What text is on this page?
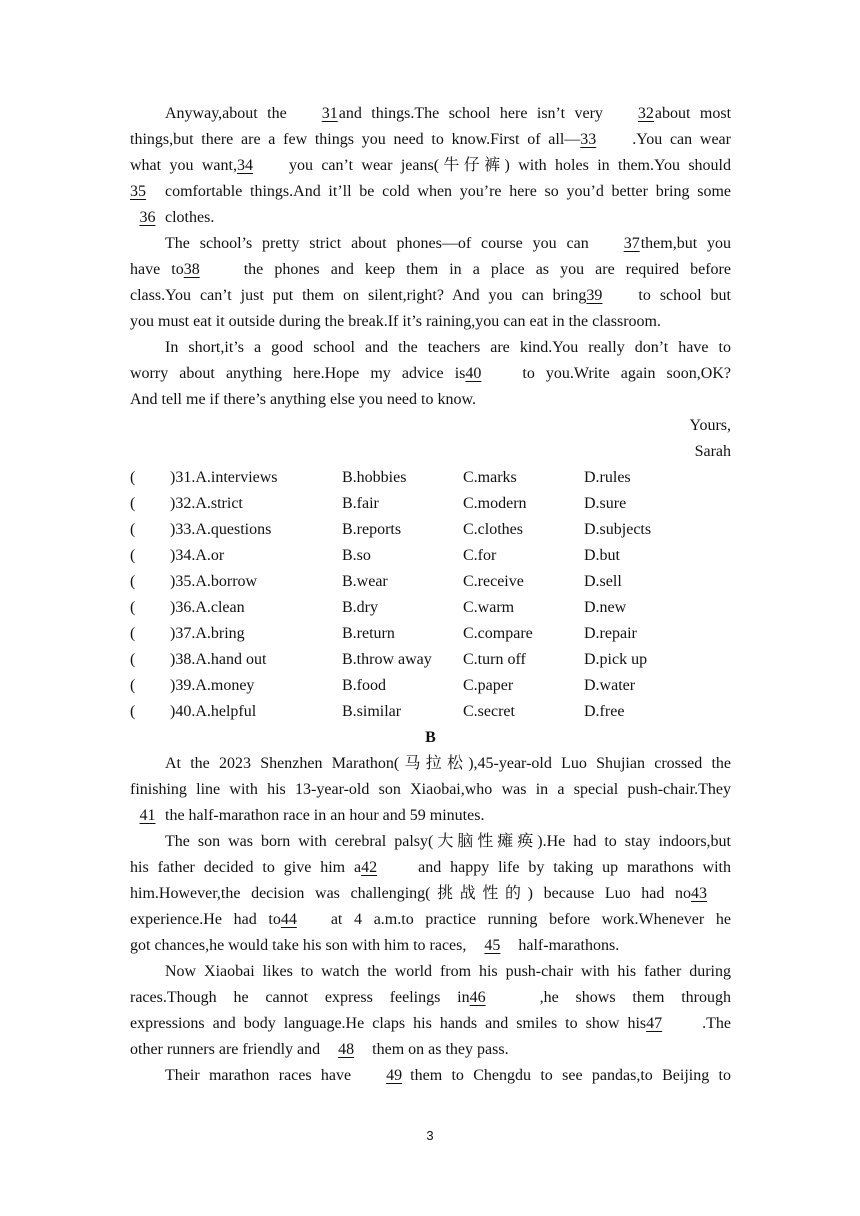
Anyway,about the 31and things.The school here isn’t very 32about most
things,but there are a few things you need to know.First of all—33 .You can wear
what you want,34 you can’t wear jeans(牛仔裤) with holes in them.You should
35 comfortable things.And it’ll be cold when you’re here so you’d better bring some
36 clothes.

The school’s pretty strict about phones—of course you can 37them,but you
have to38	the phones and keep them in a place as you are required before
class.You can’t just put them on silent,right? And you can bring39 to school but
you must eat it outside during the break.If it’s raining,you can eat in the classroom.

In short,it’s a good school and the teachers are kind.You really don’t have to
worry about anything here.Hope my advice is40	to you.Write again soon,OK?
And tell me if there’s anything else you need to know.

Yours,

Sarah

(	)31.A.interviews	B.hobbies	C.marks	D.rules
(	)32.A.strict	B.fair	C.modern	D.sure
(	)33.A.questions	B.reports	C.clothes	D.subjects
(	)34.A.or	B.so	C.for	D.but
(	)35.A.borrow	B.wear	C.receive	D.sell
(	)36.A.clean	B.dry	C.warm	D.new
(	)37.A.bring	B.return	C.compare	D.repair
(	)38.A.hand out	B.throw away	C.turn off	D.pick up
(	)39.A.money	B.food	C.paper	D.water
(	)40.A.helpful	B.similar	C.secret	D.free

B

At the 2023 Shenzhen Marathon(马拉松),45-year-old Luo Shujian crossed the
finishing line with his 13-year-old son Xiaobai,who was in a special push-chair.They
41 the half-marathon race in an hour and 59 minutes.

The son was born with cerebral palsy(大脑性瘫痪).He had to stay indoors,but
his father decided to give him a42	and happy life by taking up marathons with
him.However,the decision was challenging(挑战性的) because Luo had no43
experience.He had to44 at 4 a.m.to practice running before work.Whenever he
got chances,he would take his son with him to races, 45 half-marathons.

Now Xiaobai likes to watch the world from his push-chair with his father during
races.Though he cannot express feelings in46	,he shows them through
expressions and body language.He claps his hands and smiles to show his47	.The
other runners are friendly and 48 them on as they pass.

Their marathon races have 49 them to Chengdu to see pandas,to Beijing to

3
